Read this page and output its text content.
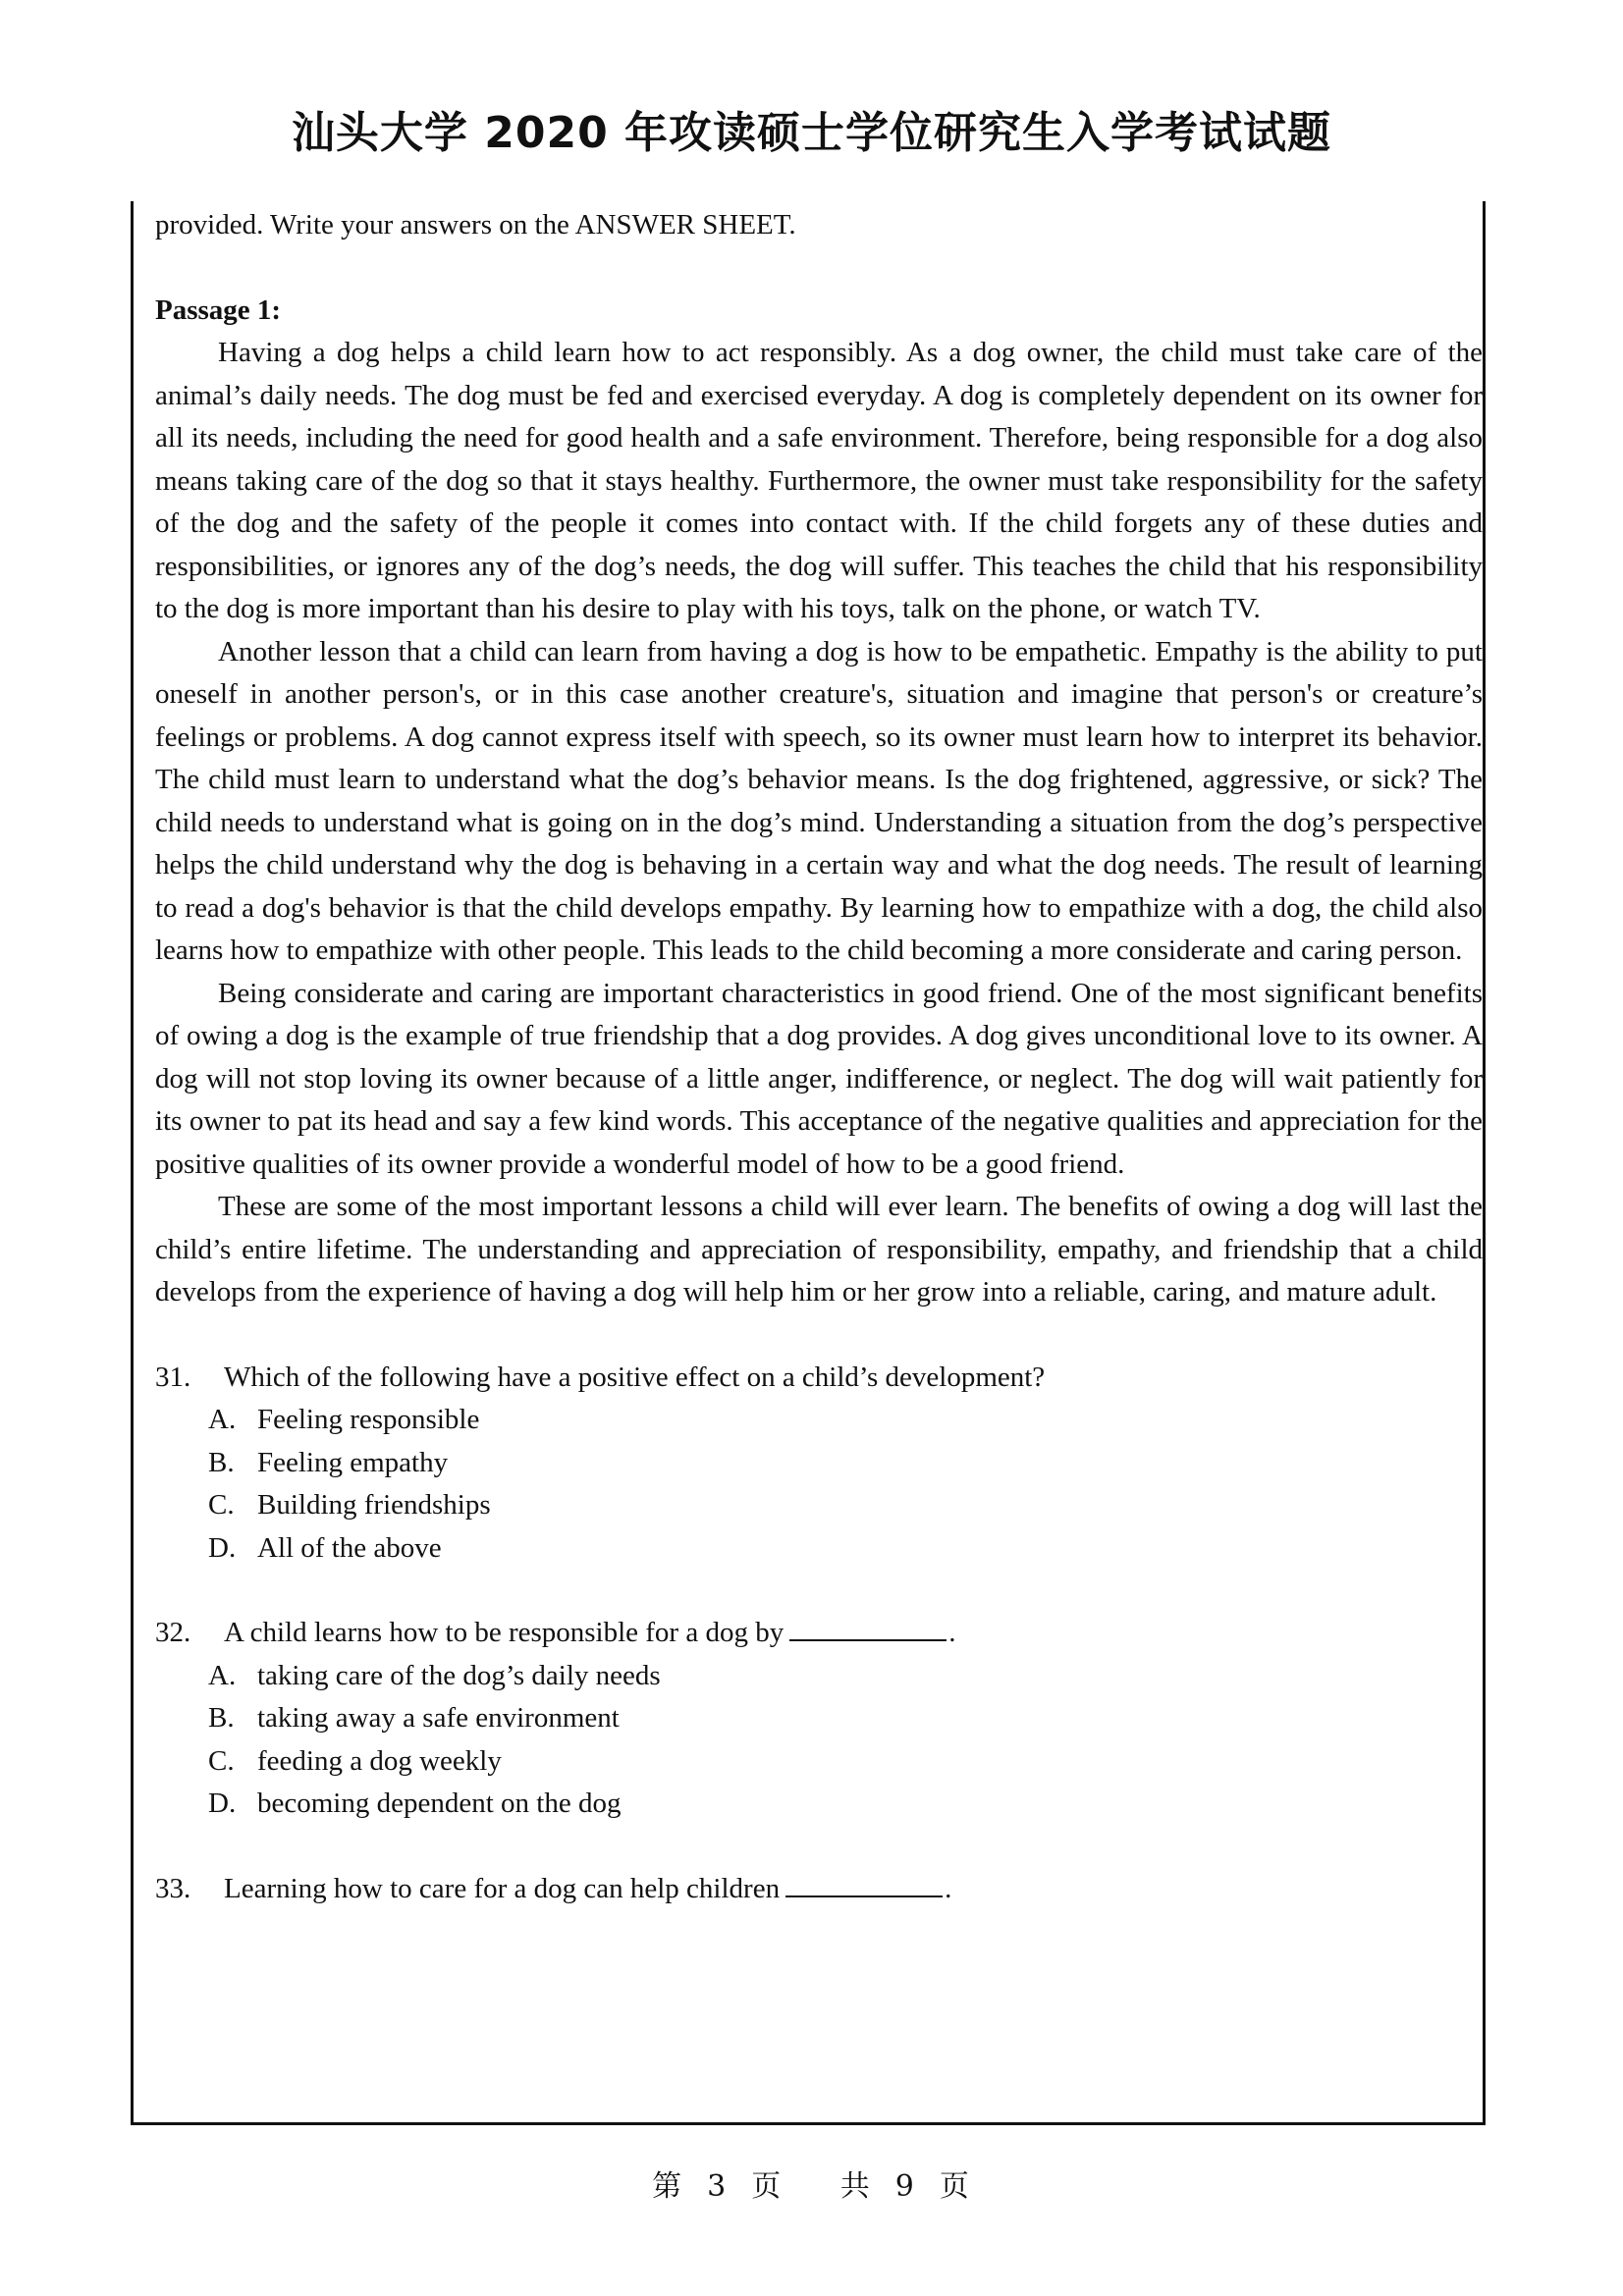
汕头大学 2020 年攻读硕士学位研究生入学考试试题
provided. Write your answers on the ANSWER SHEET.
Passage 1:

Having a dog helps a child learn how to act responsibly. As a dog owner, the child must take care of the animal’s daily needs. The dog must be fed and exercised everyday. A dog is completely dependent on its owner for all its needs, including the need for good health and a safe environment. Therefore, being responsible for a dog also means taking care of the dog so that it stays healthy. Furthermore, the owner must take responsibility for the safety of the dog and the safety of the people it comes into contact with. If the child forgets any of these duties and responsibilities, or ignores any of the dog’s needs, the dog will suffer. This teaches the child that his responsibility to the dog is more important than his desire to play with his toys, talk on the phone, or watch TV.

Another lesson that a child can learn from having a dog is how to be empathetic. Empathy is the ability to put oneself in another person's, or in this case another creature's, situation and imagine that person's or creature’s feelings or problems. A dog cannot express itself with speech, so its owner must learn how to interpret its behavior. The child must learn to understand what the dog’s behavior means. Is the dog frightened, aggressive, or sick? The child needs to understand what is going on in the dog’s mind. Understanding a situation from the dog’s perspective helps the child understand why the dog is behaving in a certain way and what the dog needs. The result of learning to read a dog's behavior is that the child develops empathy. By learning how to empathize with a dog, the child also learns how to empathize with other people. This leads to the child becoming a more considerate and caring person.

Being considerate and caring are important characteristics in good friend. One of the most significant benefits of owing a dog is the example of true friendship that a dog provides. A dog gives unconditional love to its owner. A dog will not stop loving its owner because of a little anger, indifference, or neglect. The dog will wait patiently for its owner to pat its head and say a few kind words. This acceptance of the negative qualities and appreciation for the positive qualities of its owner provide a wonderful model of how to be a good friend.

These are some of the most important lessons a child will ever learn. The benefits of owing a dog will last the child’s entire lifetime. The understanding and appreciation of responsibility, empathy, and friendship that a child develops from the experience of having a dog will help him or her grow into a reliable, caring, and mature adult.

31. Which of the following have a positive effect on a child’s development?
A. Feeling responsible
B. Feeling empathy
C. Building friendships
D. All of the above
32. A child learns how to be responsible for a dog by	.
A. taking care of the dog’s daily needs
B. taking away a safe environment
C. feeding a dog weekly
D. becoming dependent on the dog
33. Learning how to care for a dog can help children	.
第 3 页 共 9 页
